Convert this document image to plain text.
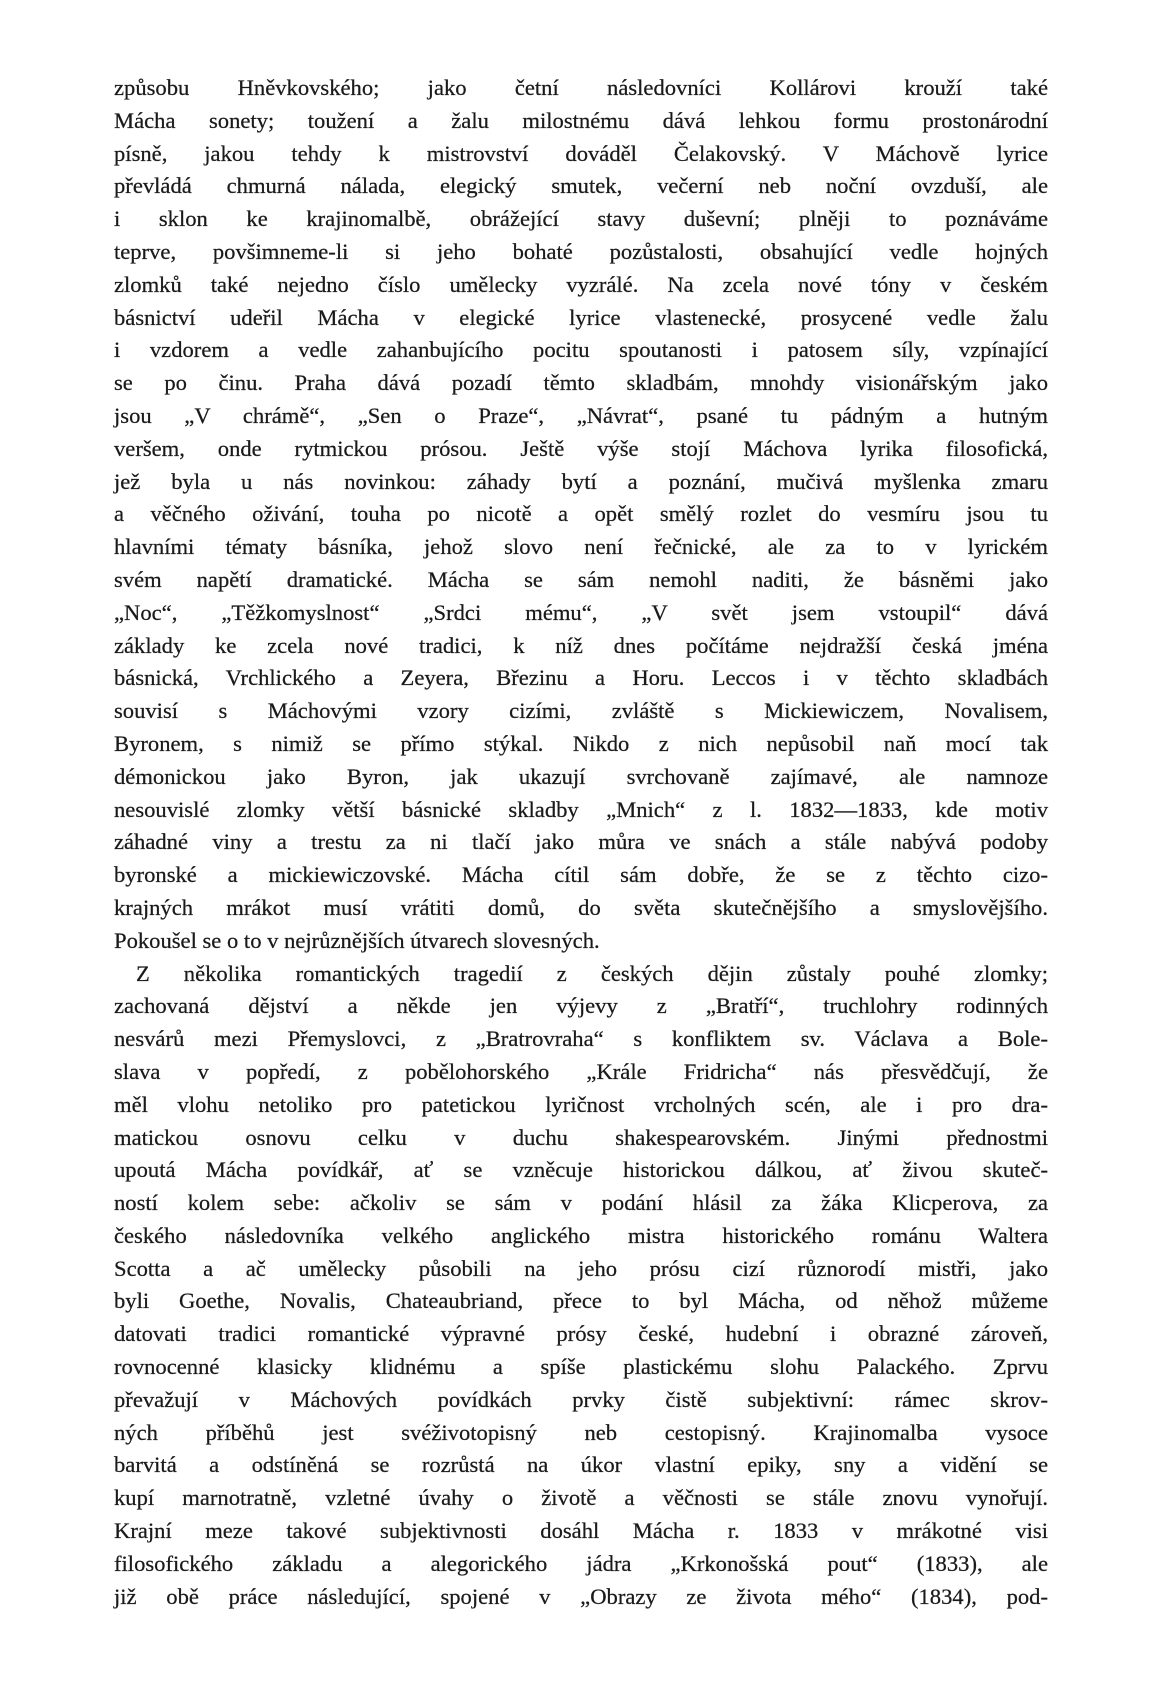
způsobu Hněvkovského; jako četní následovníci Kollárovi krouží také
Mácha sonety; toužení a žalu milostnému dává lehkou formu prostonárodní
písně, jakou tehdy k mistrovství dováděl Čelakovský. V Máchově lyrice
převládá chmurná nálada, elegický smutek, večerní neb noční ovzduší, ale
i sklon ke krajinomalbě, obrážející stavy duševní; plněji to poznáváme
teprve, povšimneme-li si jeho bohaté pozůstalosti, obsahující vedle hojných
zlomků také nejedno číslo umělecky vyzrálé. Na zcela nové tóny v českém
básnictví udeřil Mácha v elegické lyrice vlastenecké, prosycené vedle žalu
i vzdorem a vedle zahanbujícího pocitu spoutanosti i patosem síly, vzpínající
se po činu. Praha dává pozadí těmto skladbám, mnohdy visionářským jako
jsou „V chrámě“, „Sen o Praze“, „Návrat“, psané tu pádným a hutným
veršem, onde rytmickou prósou. Ještě výše stojí Máchova lyrika filosofická,
jež byla u nás novinkou: záhady bytí a poznání, mučivá myšlenka zmaru
a věčného oživání, touha po nicotě a opět smělý rozlet do vesmíru jsou tu
hlavními tématy básníka, jehož slovo není řečnické, ale za to v lyrickém
svém napětí dramatické. Mácha se sám nemohl naditi, že básněmi jako
„Noc“, „Těžkomyslnost“ „Srdci mému“, „V svět jsem vstoupil“ dává
základy ke zcela nové tradici, k níž dnes počítáme nejdražší česká jména
básnická, Vrchlického a Zeyera, Březinu a Horu. Leccos i v těchto skladbách
souvisí s Máchovými vzory cizími, zvláště s Mickiewiczem, Novalisem,
Byronem, s nimiž se přímo stýkal. Nikdo z nich nepůsobil naň mocí tak
démonickou jako Byron, jak ukazují svrchovaně zajímavé, ale namnoze
nesouvislé zlomky větší básnické skladby „Mnich“ z l. 1832—1833, kde motiv
záhadné viny a trestu za ni tlačí jako můra ve snách a stále nabývá podoby
byronské a mickiewiczovské. Mácha cítil sám dobře, že se z těchto cizo-
krajných mrákot musí vrátiti domů, do světa skutečnějšího a smyslovějšího.
Pokoušel se o to v nejrůznějších útvarech slovesných.
Z několika romantických tragedií z českých dějin zůstaly pouhé zlomky;
zachovaná dějství a někde jen výjevy z „Bratří“, truchlohry rodinných
nesvárů mezi Přemyslovci, z „Bratrovraha“ s konfliktem sv. Václava a Bole-
slava v popředí, z pobělohorského „Krále Fridricha“ nás přesvědčují, že
měl vlohu netoliko pro patetickou lyričnost vrcholných scén, ale i pro dra-
matickou osnovu celku v duchu shakespearovském. Jinými přednostmi
upoutá Mácha povídkář, ať se vzněcuje historickou dálkou, ať živou skuteč-
ností kolem sebe: ačkoliv se sám v podání hlásil za žáka Klicperova, za
českého následovníka velkého anglického mistra historického románu Waltera
Scotta a ač umělecky působili na jeho prósu cizí různorodí mistři, jako
byli Goethe, Novalis, Chateaubriand, přece to byl Mácha, od něhož můžeme
datovati tradici romantické výpravné prósy české, hudební i obrazné zároveň,
rovnocenné klasicky klidnému a spíše plastickému slohu Palackého. Zprvu
převažují v Máchových povídkách prvky čistě subjektivní: rámec skrov-
ných příběhů jest svéživotopisný neb cestopisný. Krajinomalba vysoce
barvitá a odstíněná se rozrůstá na úkor vlastní epiky, sny a vidění se
kupí marnotratně, vzletné úvahy o životě a věčnosti se stále znovu vynořují.
Krajní meze takové subjektivnosti dosáhl Mácha r. 1833 v mrákotné visi
filosofického základu a alegorického jádra „Krkonošská pout“ (1833), ale
již obě práce následující, spojené v „Obrazy ze života mého“ (1834), pod-
